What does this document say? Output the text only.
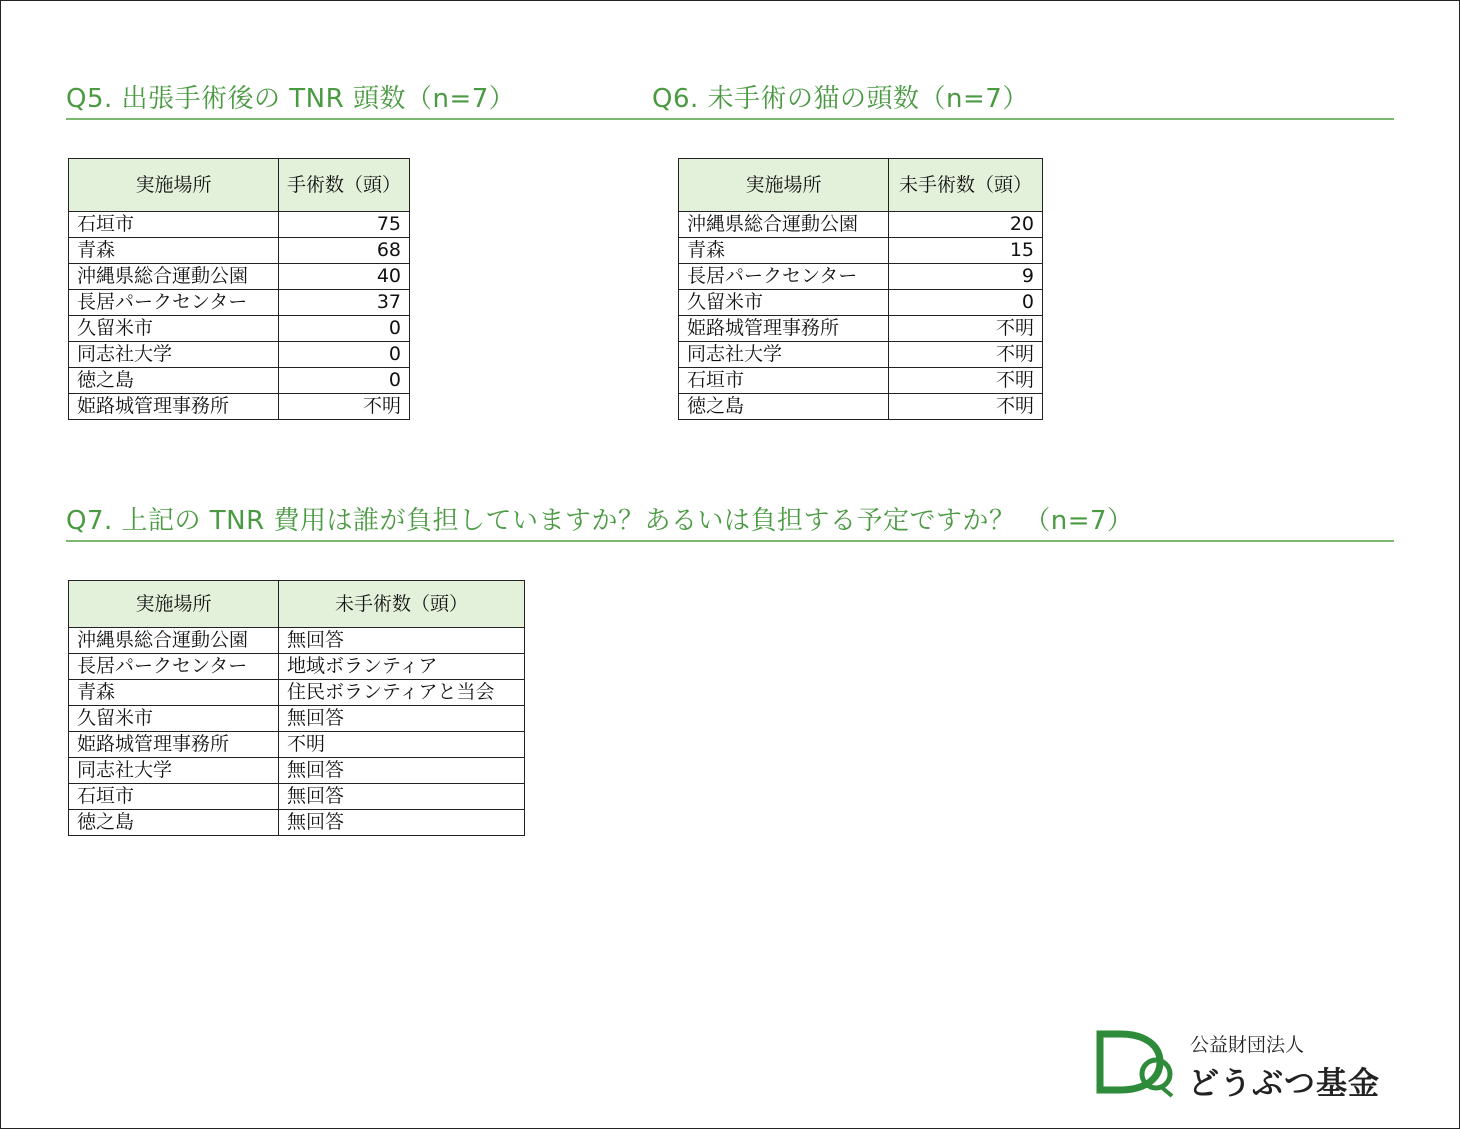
Q5. 出張手術後の TNR 頭数（n=7）	Q6. 未手術の猫の頭数（n=7）
実施場所	手術数（頭）
石垣市	75
青森	68
沖縄県総合運動公園	40
長居パークセンター	37
久留米市	0
同志社大学	0
徳之島	0
姫路城管理事務所	不明
実施場所	未手術数（頭）
沖縄県総合運動公園	20
青森	15
長居パークセンター	9
久留米市	0
姫路城管理事務所	不明
同志社大学	不明
石垣市	不明
徳之島	不明
Q7. 上記の TNR 費用は誰が負担していますか？あるいは負担する予定ですか？ （n=7）
実施場所	未手術数（頭）
沖縄県総合運動公園	無回答
長居パークセンター	地域ボランティア
青森	住民ボランティアと当会
久留米市	無回答
姫路城管理事務所	不明
同志社大学	無回答
石垣市	無回答
徳之島	無回答
公益財団法人
どうぶつ基金
